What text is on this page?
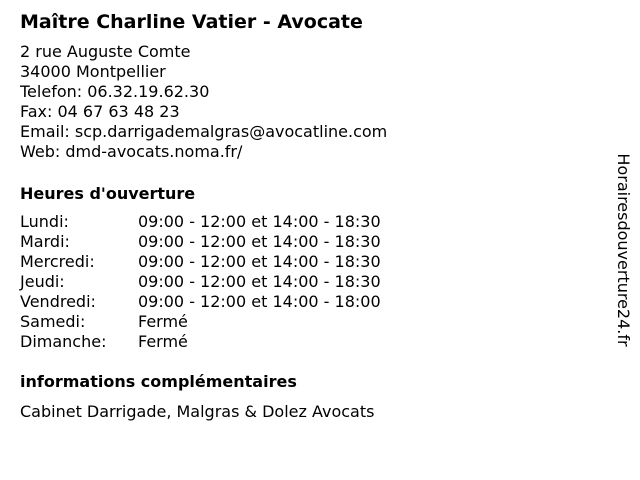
Maître Charline Vatier - Avocate
2 rue Auguste Comte
34000 Montpellier
Telefon: 06.32.19.62.30
Fax: 04 67 63 48 23
Email: scp.darrigademalgras@avocatline.com
Web: dmd-avocats.noma.fr/
Heures d'ouverture
Lundi:	09:00 - 12:00 et 14:00 - 18:30
Mardi:	09:00 - 12:00 et 14:00 - 18:30
Mercredi:	09:00 - 12:00 et 14:00 - 18:30
Jeudi:	09:00 - 12:00 et 14:00 - 18:30
Vendredi:	09:00 - 12:00 et 14:00 - 18:00
Samedi:	Fermé
Dimanche:	Fermé
informations complémentaires
Cabinet Darrigade, Malgras & Dolez Avocats
Horairesdouverture24.fr
